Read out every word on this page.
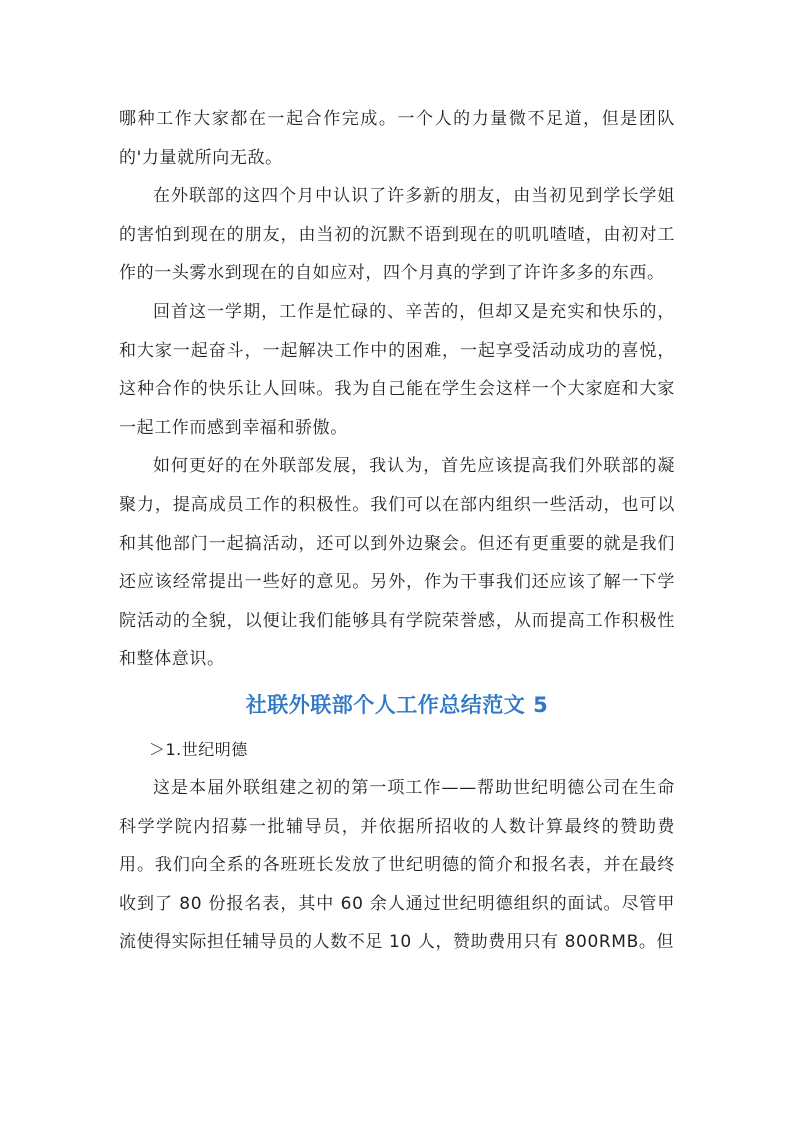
哪种工作大家都在一起合作完成。一个人的力量微不足道，但是团队的'力量就所向无敌。

在外联部的这四个月中认识了许多新的朋友，由当初见到学长学姐的害怕到现在的朋友，由当初的沉默不语到现在的叽叽喳喳，由初对工作的一头雾水到现在的自如应对，四个月真的学到了许许多多的东西。

回首这一学期，工作是忙碌的、辛苦的，但却又是充实和快乐的，和大家一起奋斗，一起解决工作中的困难，一起享受活动成功的喜悦，这种合作的快乐让人回味。我为自己能在学生会这样一个大家庭和大家一起工作而感到幸福和骄傲。

如何更好的在外联部发展，我认为，首先应该提高我们外联部的凝聚力，提高成员工作的积极性。我们可以在部内组织一些活动，也可以和其他部门一起搞活动，还可以到外边聚会。但还有更重要的就是我们还应该经常提出一些好的意见。另外，作为干事我们还应该了解一下学院活动的全貌，以便让我们能够具有学院荣誉感，从而提高工作积极性和整体意识。

社联外联部个人工作总结范文 5

＞1.世纪明德

这是本届外联组建之初的第一项工作——帮助世纪明德公司在生命科学学院内招募一批辅导员，并依据所招收的人数计算最终的赞助费用。我们向全系的各班班长发放了世纪明德的简介和报名表，并在最终收到了 80 份报名表，其中 60 余人通过世纪明德组织的面试。尽管甲流使得实际担任辅导员的人数不足 10 人，赞助费用只有 800RMB。但
